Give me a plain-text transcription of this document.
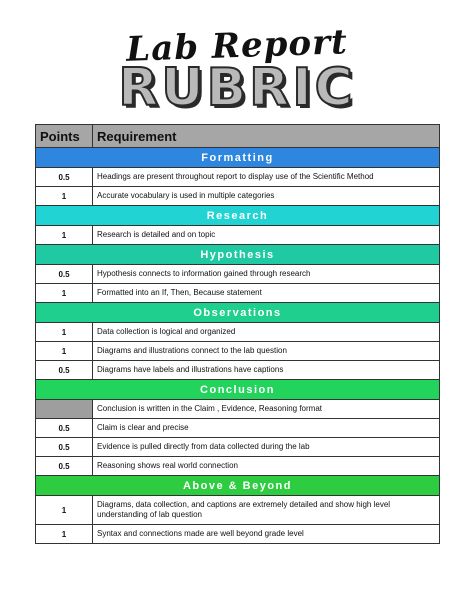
Lab Report
RUBRIC
Points	Requirement
Formatting	
0.5	Headings are present throughout report to display use of the Scientific Method
1	Accurate vocabulary is used in multiple categories
Research	
1	Research is detailed and on topic
Hypothesis	
0.5	Hypothesis connects to information gained through research
1	Formatted into an If, Then, Because statement
Observations	
1	Data collection is logical and organized
1	Diagrams and illustrations connect to the lab question
0.5	Diagrams have labels and illustrations have captions
Conclusion	
	Conclusion is written in the Claim , Evidence, Reasoning format
0.5	Claim is clear and precise
0.5	Evidence is pulled directly from data collected during the lab
0.5	Reasoning shows real world connection
Above & Beyond	
1	Diagrams, data collection, and captions are extremely detailed and show high level understanding of lab question
1	Syntax and connections made are well beyond grade level
